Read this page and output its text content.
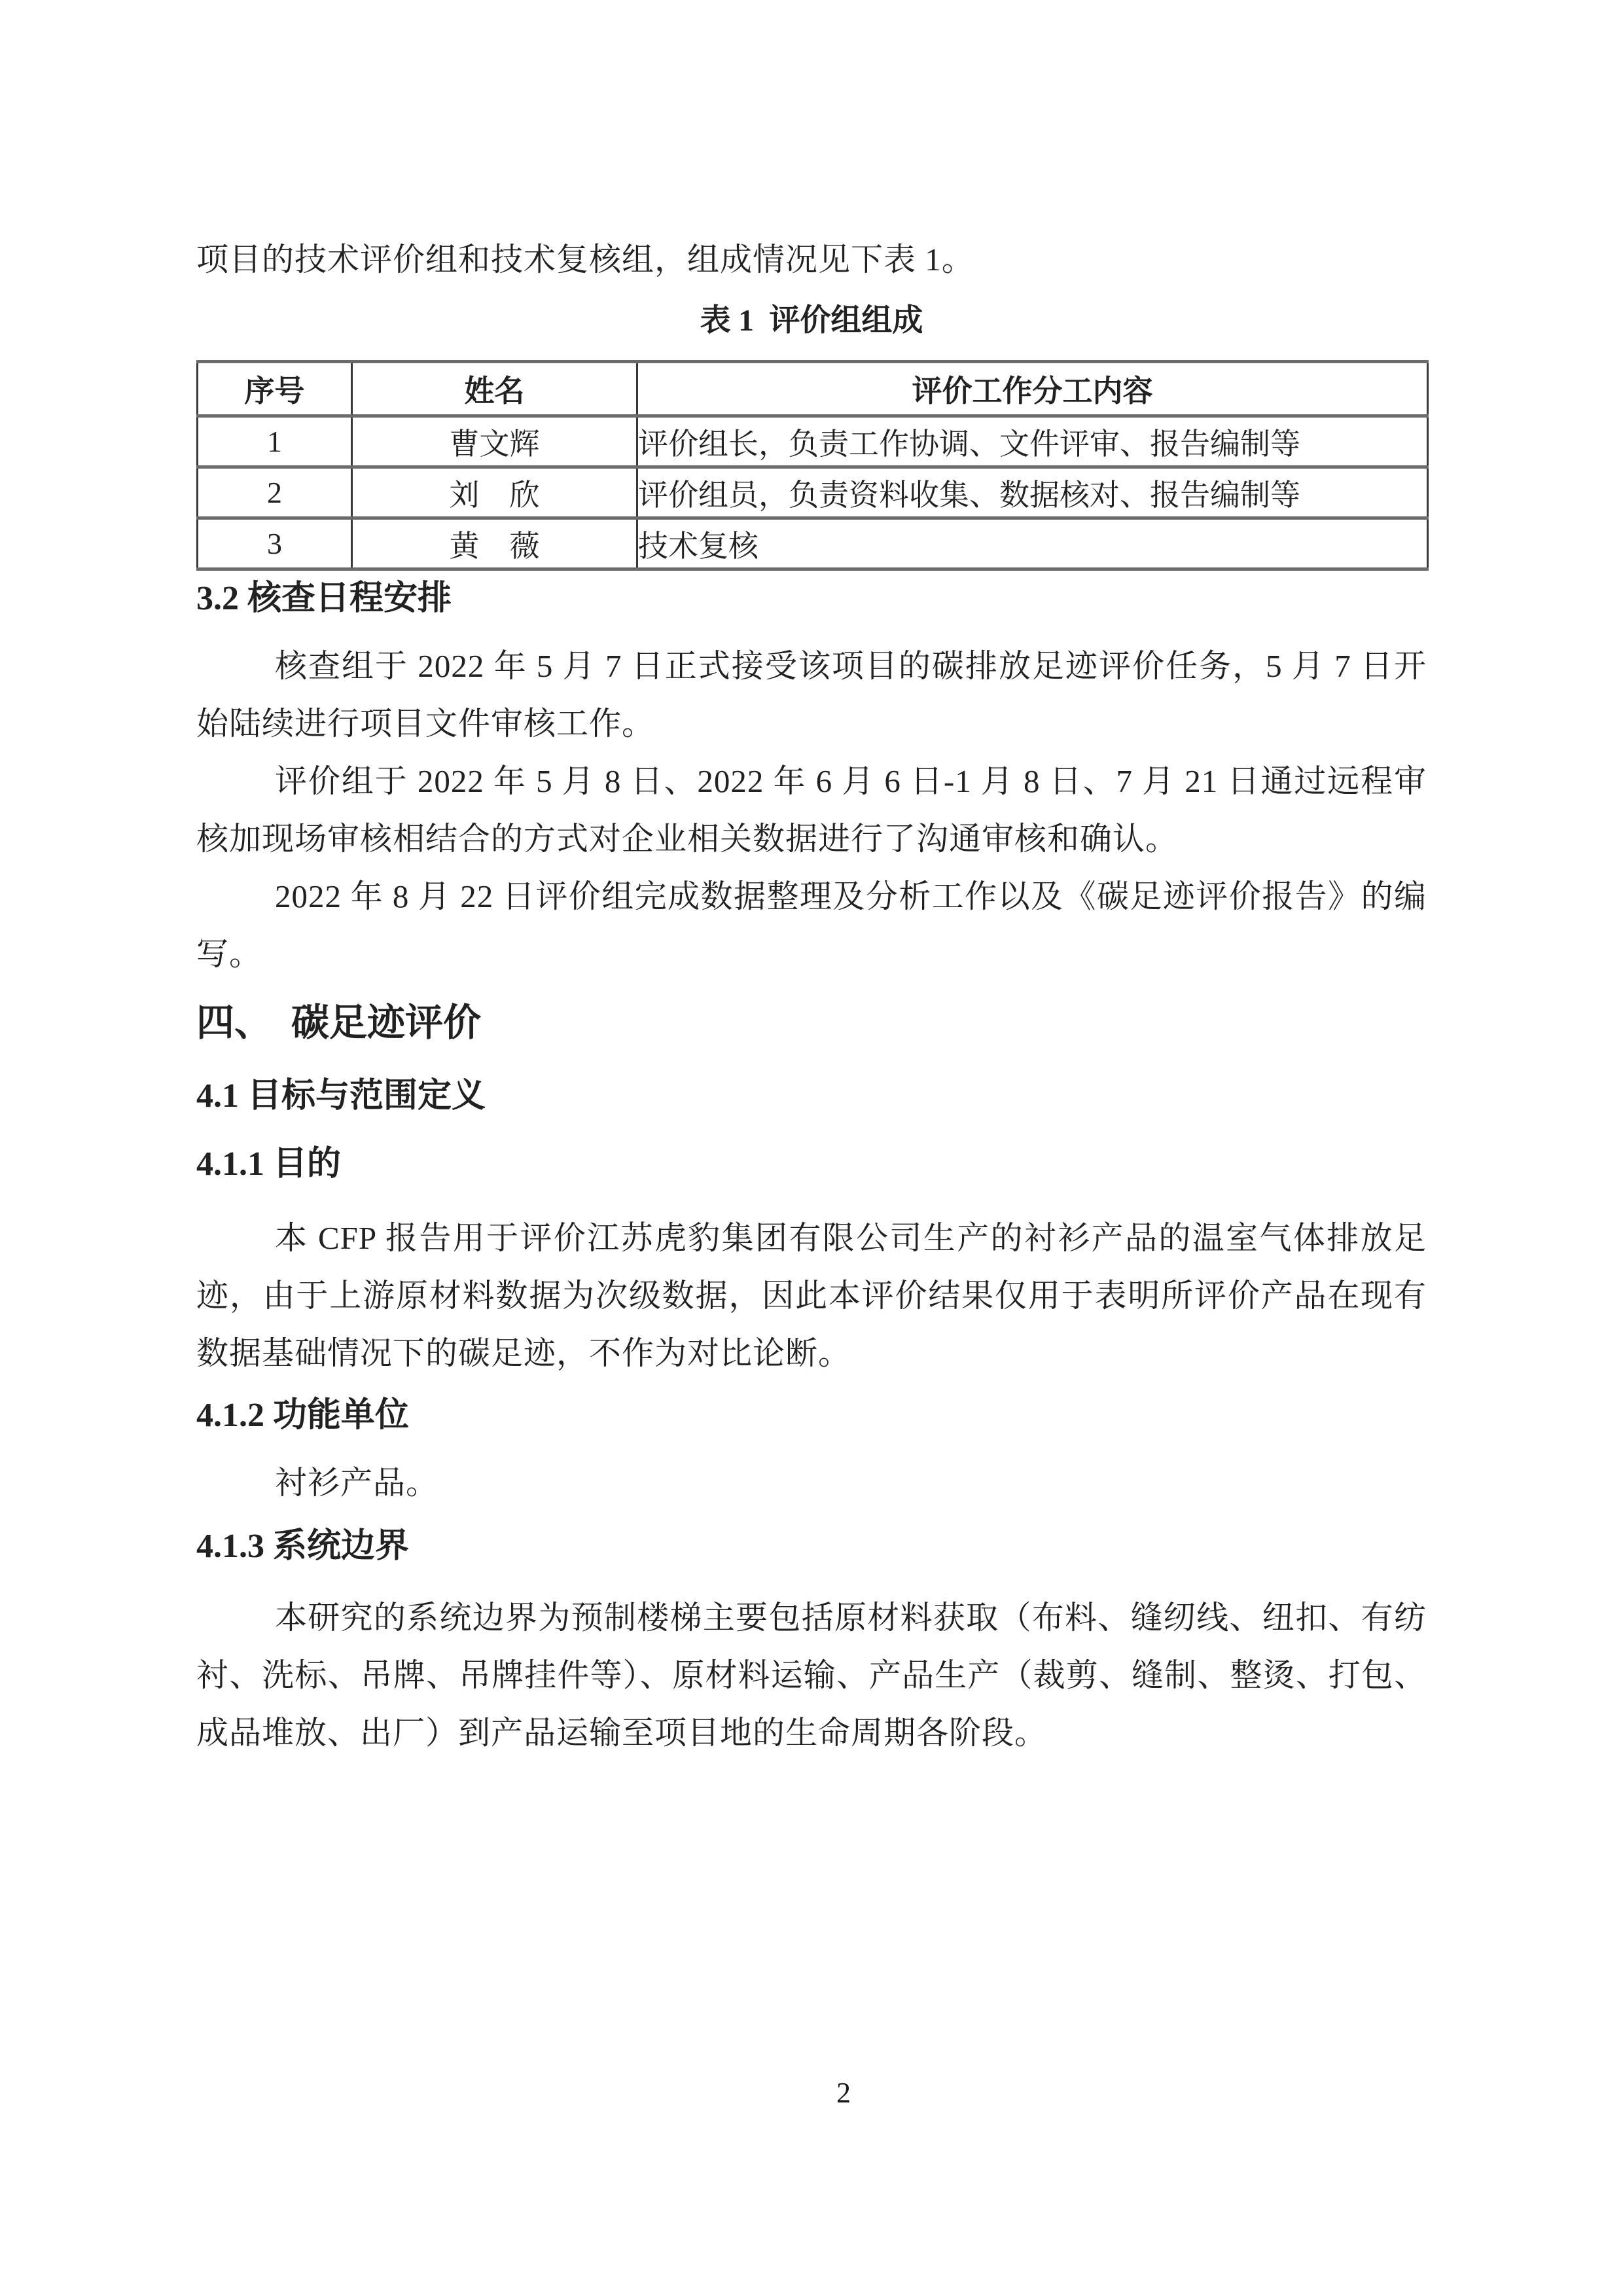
项目的技术评价组和技术复核组，组成情况见下表 1。

表 1  评价组组成

序号	姓名	评价工作分工内容
1	曹文辉	评价组长，负责工作协调、文件评审、报告编制等
2	刘　欣	评价组员，负责资料收集、数据核对、报告编制等
3	黄　薇	技术复核
3.2 核查日程安排

核查组于 2022 年 5 月 7 日正式接受该项目的碳排放足迹评价任务，5 月 7 日开始陆续进行项目文件审核工作。

评价组于 2022 年 5 月 8 日、2022 年 6 月 6 日-1 月 8 日、7 月 21 日通过远程审核加现场审核相结合的方式对企业相关数据进行了沟通审核和确认。

2022 年 8 月 22 日评价组完成数据整理及分析工作以及《碳足迹评价报告》的编写。

四、　碳足迹评价
4.1 目标与范围定义
4.1.1 目的

本 CFP 报告用于评价江苏虎豹集团有限公司生产的衬衫产品的温室气体排放足迹，由于上游原材料数据为次级数据，因此本评价结果仅用于表明所评价产品在现有数据基础情况下的碳足迹，不作为对比论断。

4.1.2 功能单位

衬衫产品。

4.1.3 系统边界

本研究的系统边界为预制楼梯主要包括原材料获取（布料、缝纫线、纽扣、有纺衬、洗标、吊牌、吊牌挂件等）、原材料运输、产品生产（裁剪、缝制、整烫、打包、成品堆放、出厂）到产品运输至项目地的生命周期各阶段。

2
